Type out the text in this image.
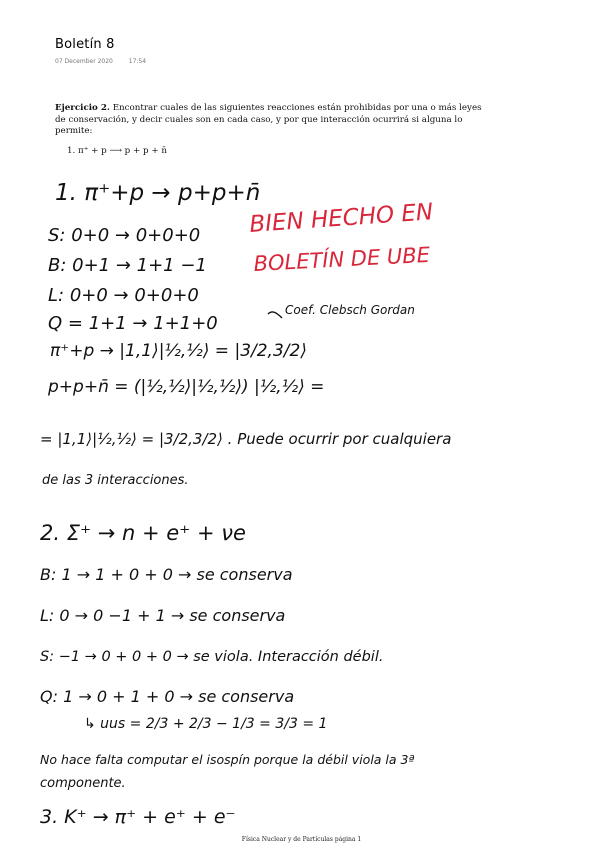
Boletín 8
07 December 2020	17:54
Ejercicio 2. Encontrar cuales de las siguientes reacciones están prohibidas por una o más leyes de conservación, y decir cuales son en cada caso, y por que interacción ocurrirá si alguna lo permite:
1. π⁺ + p ⟶ p + p + n̄
1. π⁺+p → p+p+n̄
S: 0+0 → 0+0+0
B: 0+1 → 1+1 −1
L: 0+0 → 0+0+0
Q = 1+1 → 1+1+0
Coef. Clebsch Gordan
π⁺+p → |1,1⟩|½,½⟩ = |3/2,3/2⟩
p+p+n̄ = (|½,½⟩|½,½⟩) |½,½⟩ =
= |1,1⟩|½,½⟩ = |3/2,3/2⟩ . Puede ocurrir por cualquiera
de las 3 interacciones.
BIEN HECHO EN
BOLETÍN DE UBE
2. Σ⁺ → n + e⁺ + νe
B: 1 → 1 + 0 + 0 → se conserva
L: 0 → 0 −1 + 1 → se conserva
S: −1 → 0 + 0 + 0 → se viola. Interacción débil.
Q: 1 → 0 + 1 + 0 → se conserva
↳ uus = 2/3 + 2/3 − 1/3 = 3/3 = 1
No hace falta computar el isospín porque la débil viola la 3ª
componente.
3. K⁺ → π⁺ + e⁺ + e⁻
Física Nuclear y de Partículas página 1
